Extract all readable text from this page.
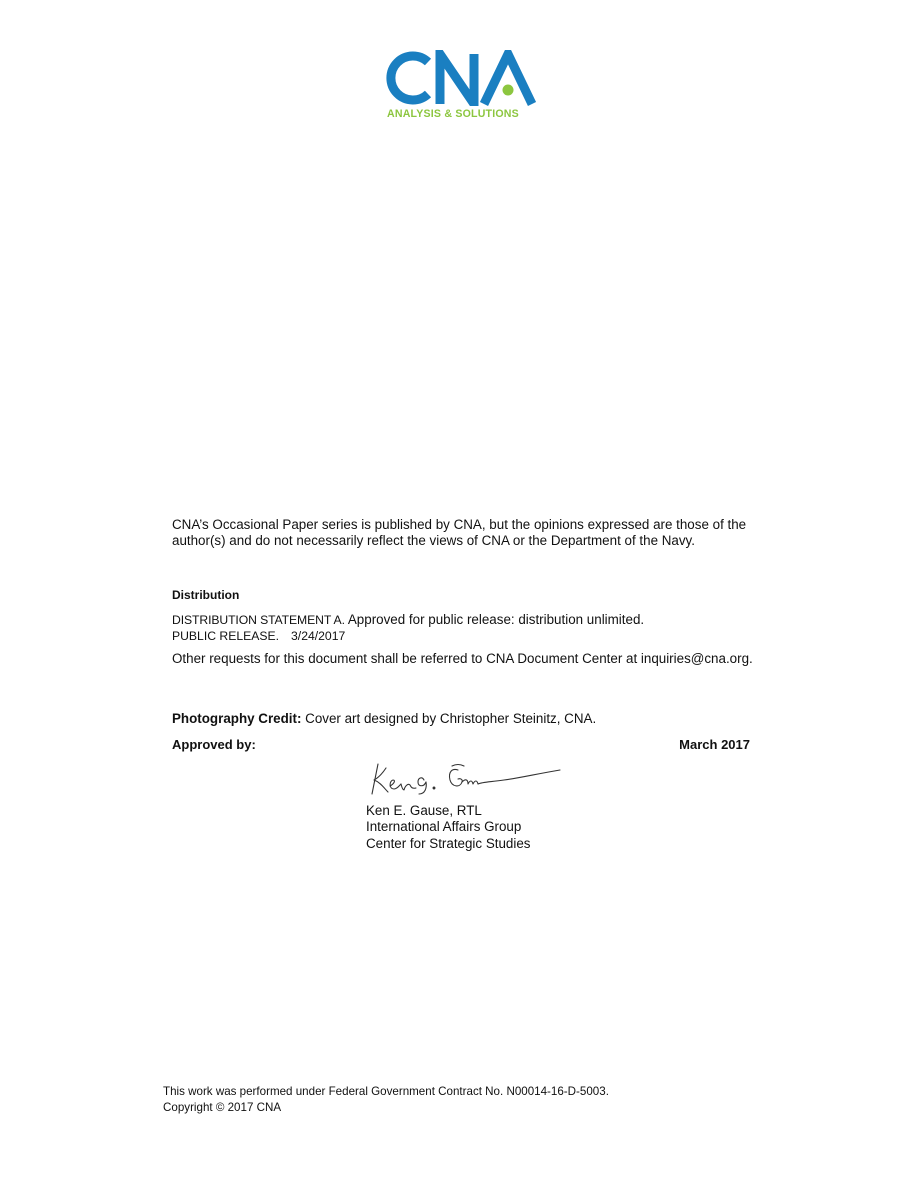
ANALYSIS & SOLUTIONS
CNA’s Occasional Paper series is published by CNA, but the opinions expressed are those of the author(s) and do not necessarily reflect the views of CNA or the Department of the Navy.
Distribution
DISTRIBUTION STATEMENT A. Approved for public release: distribution unlimited.
PUBLIC RELEASE. 3/24/2017
Other requests for this document shall be referred to CNA Document Center at inquiries@cna.org.
Photography Credit: Cover art designed by Christopher Steinitz, CNA.
Approved by:	March 2017
Ken E. Gause, RTL
International Affairs Group
Center for Strategic Studies
This work was performed under Federal Government Contract No. N00014-16-D-5003.
Copyright © 2017 CNA
